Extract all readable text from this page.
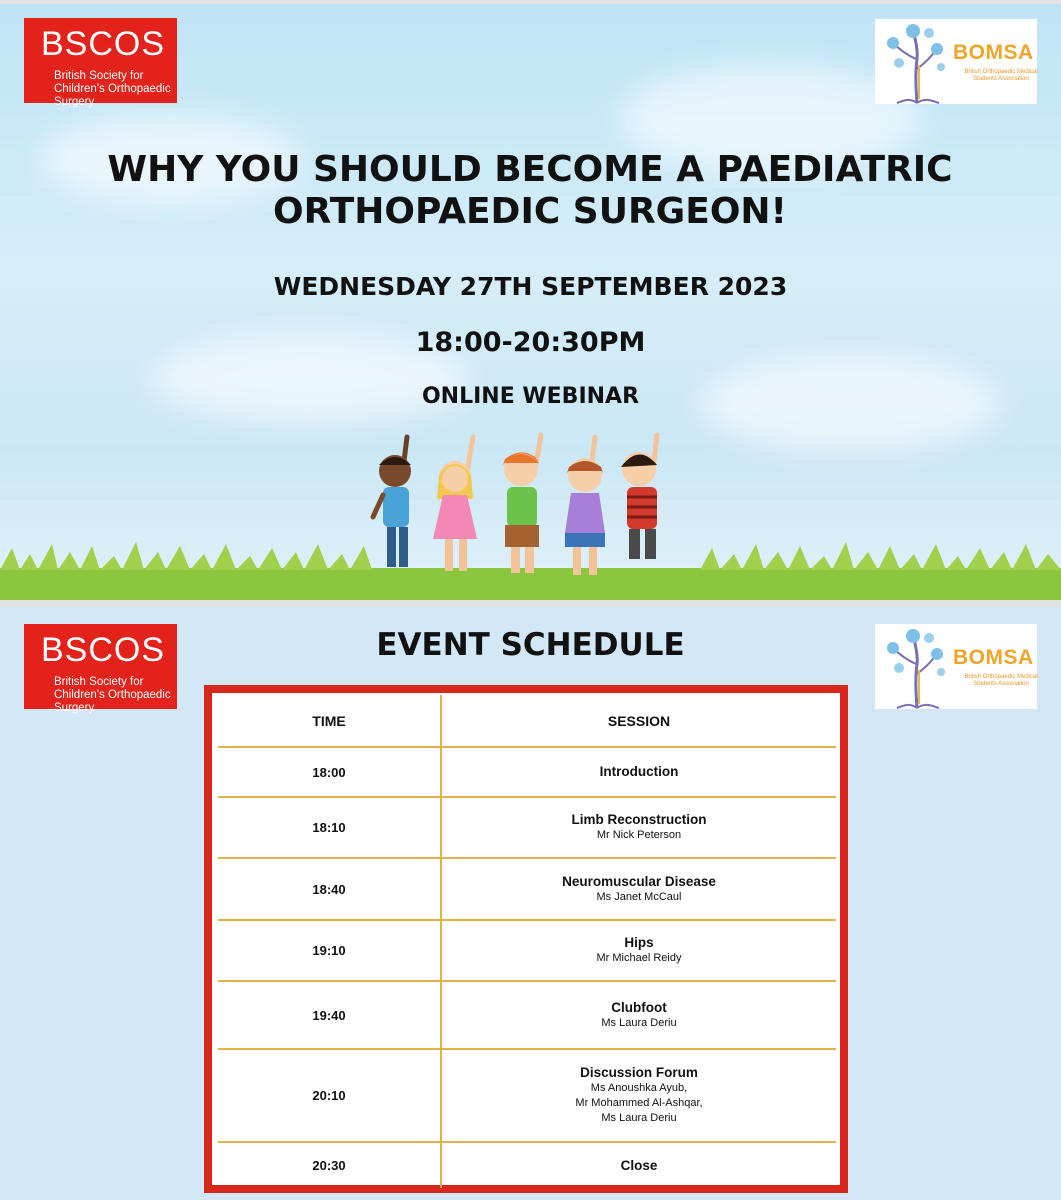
BSCOS
British Society for Children's Orthopaedic Surgery
BOMSA
British Orthopaedic Medical Students Association
WHY YOU SHOULD BECOME A PAEDIATRIC
ORTHOPAEDIC SURGEON!
WEDNESDAY 27TH SEPTEMBER 2023
18:00-20:30PM
ONLINE WEBINAR
BSCOS
British Society for Children's Orthopaedic Surgery
BOMSA
British Orthopaedic Medical Students Association
EVENT SCHEDULE
TIME	SESSION
18:00	Introduction

18:10	Limb Reconstruction
Mr Nick Peterson
18:40	Neuromuscular Disease
Ms Janet McCaul
19:10	Hips
Mr Michael Reidy
19:40	Clubfoot
Ms Laura Deriu
20:10	Discussion Forum
Ms Anoushka Ayub,
Mr Mohammed Al-Ashqar,
Ms Laura Deriu
20:30	Close
